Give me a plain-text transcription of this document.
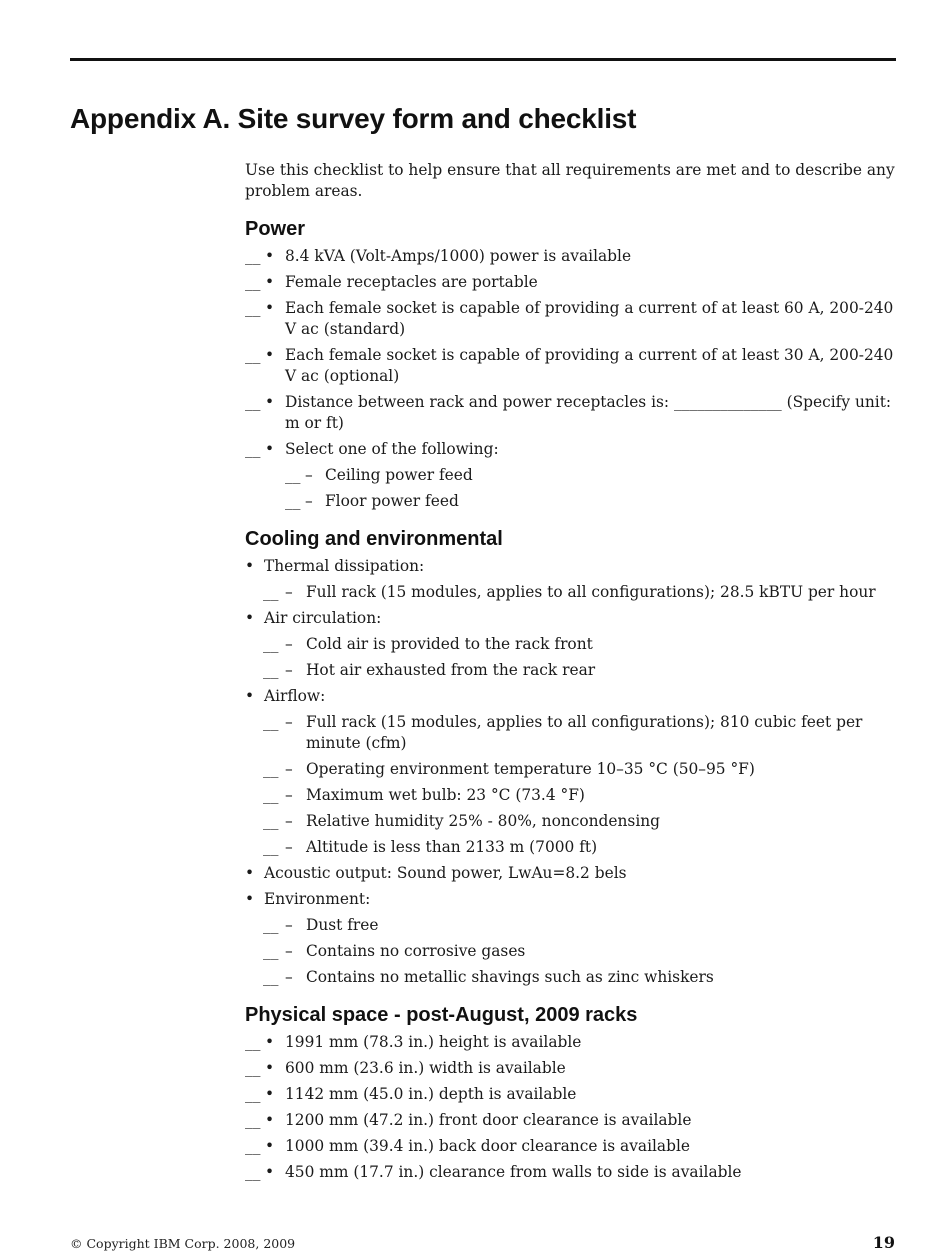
Appendix A. Site survey form and checklist

Use this checklist to help ensure that all requirements are met and to describe any problem areas.

Power
__ • 8.4 kVA (Volt-Amps/1000) power is available
__ • Female receptacles are portable
__ • Each female socket is capable of providing a current of at least 60 A, 200-240 V ac (standard)
__ • Each female socket is capable of providing a current of at least 30 A, 200-240 V ac (optional)
__ • Distance between rack and power receptacles is: ______________ (Specify unit: m or ft)
__ • Select one of the following:
__ – Ceiling power feed
__ – Floor power feed
Cooling and environmental
• Thermal dissipation:
__ – Full rack (15 modules, applies to all configurations); 28.5 kBTU per hour
• Air circulation:
__ – Cold air is provided to the rack front
__ – Hot air exhausted from the rack rear
• Airflow:
__ – Full rack (15 modules, applies to all configurations); 810 cubic feet per minute (cfm)
__ – Operating environment temperature 10–35 °C (50–95 °F)
__ – Maximum wet bulb: 23 °C (73.4 °F)
__ – Relative humidity 25% - 80%, noncondensing
__ – Altitude is less than 2133 m (7000 ft)
• Acoustic output: Sound power, LwAu=8.2 bels
• Environment:
__ – Dust free
__ – Contains no corrosive gases
__ – Contains no metallic shavings such as zinc whiskers
Physical space - post-August, 2009 racks
__ • 1991 mm (78.3 in.) height is available
__ • 600 mm (23.6 in.) width is available
__ • 1142 mm (45.0 in.) depth is available
__ • 1200 mm (47.2 in.) front door clearance is available
__ • 1000 mm (39.4 in.) back door clearance is available
__ • 450 mm (17.7 in.) clearance from walls to side is available
© Copyright IBM Corp. 2008, 2009	19
